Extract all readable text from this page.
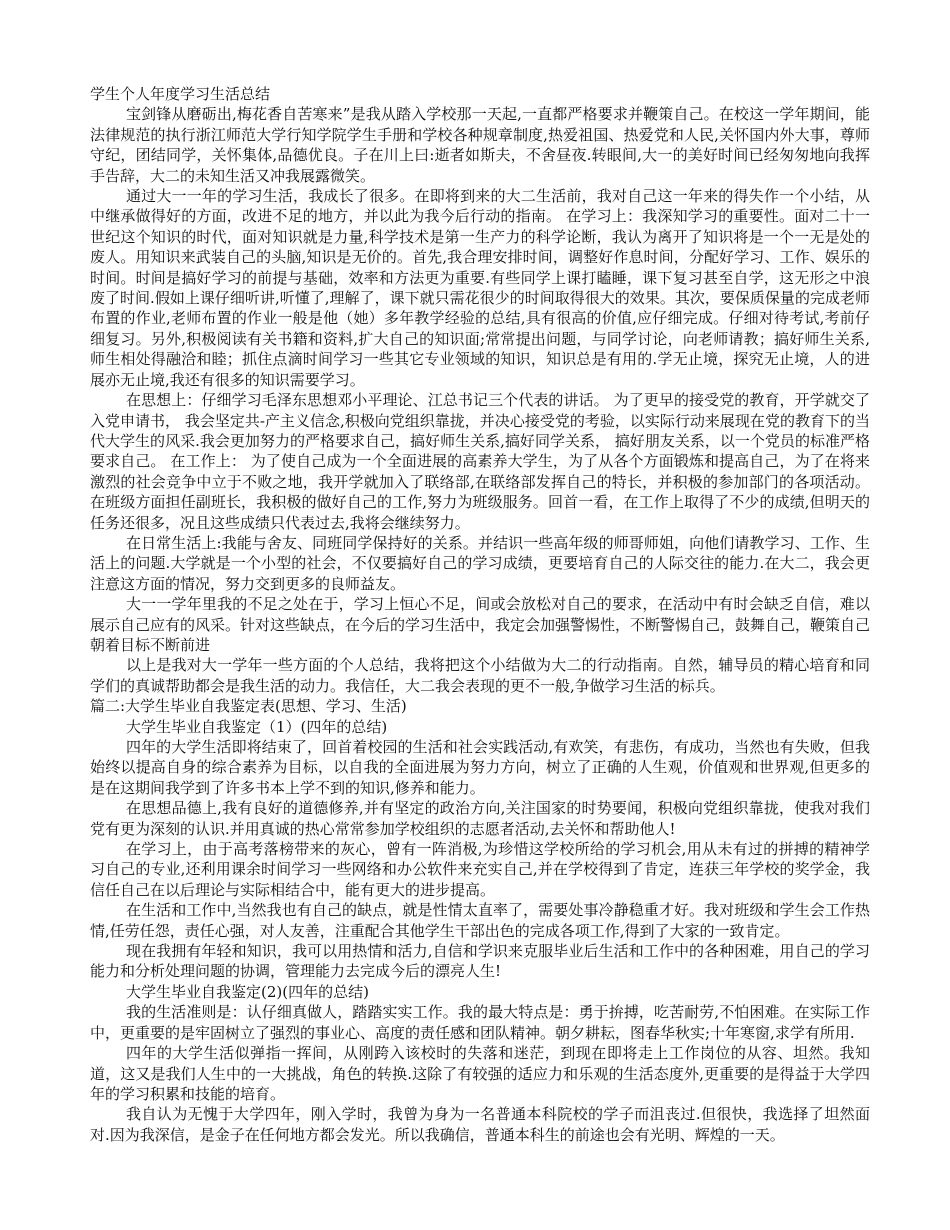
学生个人年度学习生活总结

宝剑锋从磨砺出,梅花香自苦寒来”是我从踏入学校那一天起,一直都严格要求并鞭策自己。在校这一学年期间，能法律规范的执行浙江师范大学行知学院学生手册和学校各种规章制度,热爱祖国、热爱党和人民,关怀国内外大事，尊师守纪，团结同学，关怀集体,品德优良。子在川上曰:逝者如斯夫，不舍昼夜.转眼间,大一的美好时间已经匆匆地向我挥手告辞，大二的未知生活又冲我展露微笑。

通过大一一年的学习生活，我成长了很多。在即将到来的大二生活前，我对自己这一年来的得失作一个小结，从中继承做得好的方面，改进不足的地方，并以此为我今后行动的指南。 在学习上：我深知学习的重要性。面对二十一世纪这个知识的时代，面对知识就是力量,科学技术是第一生产力的科学论断，我认为离开了知识将是一个一无是处的废人。用知识来武装自己的头脑,知识是无价的。首先,我合理安排时间，调整好作息时间，分配好学习、工作、娱乐的时间。时间是搞好学习的前提与基础，效率和方法更为重要.有些同学上课打瞌睡，课下复习甚至自学，这无形之中浪废了时间.假如上课仔细听讲,听懂了,理解了，课下就只需花很少的时间取得很大的效果。其次，要保质保量的完成老师布置的作业,老师布置的作业一般是他（她）多年教学经验的总结,具有很高的价值,应仔细完成。仔细对待考试,考前仔细复习。另外,积极阅读有关书籍和资料,扩大自己的知识面;常常提出问题，与同学讨论，向老师请教；搞好师生关系,师生相处得融洽和睦；抓住点滴时间学习一些其它专业领域的知识，知识总是有用的.学无止境，探究无止境，人的进展亦无止境,我还有很多的知识需要学习。

在思想上：仔细学习毛泽东思想邓小平理论、江总书记三个代表的讲话。 为了更早的接受党的教育，开学就交了入党申请书， 我会坚定共-产主义信念,积极向党组织靠拢，并决心接受党的考验，以实际行动来展现在党的教育下的当代大学生的风采.我会更加努力的严格要求自己，搞好师生关系,搞好同学关系， 搞好朋友关系，以一个党员的标准严格要求自己。 在工作上： 为了使自己成为一个全面进展的高素养大学生，为了从各个方面锻炼和提高自己，为了在将来激烈的社会竞争中立于不败之地，我开学就加入了联络部,在联络部发挥自己的特长，并积极的参加部门的各项活动。在班级方面担任副班长，我积极的做好自己的工作,努力为班级服务。回首一看，在工作上取得了不少的成绩,但明天的任务还很多，况且这些成绩只代表过去,我将会继续努力。

在日常生活上:我能与舍友、同班同学保持好的关系。并结识一些高年级的师哥师姐，向他们请教学习、工作、生活上的问题.大学就是一个小型的社会，不仅要搞好自己的学习成绩，更要培育自己的人际交往的能力.在大二，我会更注意这方面的情况，努力交到更多的良师益友。

大一一学年里我的不足之处在于，学习上恒心不足，间或会放松对自己的要求，在活动中有时会缺乏自信，难以展示自己应有的风采。针对这些缺点，在今后的学习生活中，我定会加强警惕性，不断警惕自己，鼓舞自己，鞭策自己朝着目标不断前进

以上是我对大一学年一些方面的个人总结，我将把这个小结做为大二的行动指南。自然，辅导员的精心培育和同学们的真诚帮助都会是我生活的动力。我信任，大二我会表现的更不一般,争做学习生活的标兵。

篇二:大学生毕业自我鉴定表(思想、学习、生活)

大学生毕业自我鉴定（1）(四年的总结)

四年的大学生活即将结束了，回首着校园的生活和社会实践活动,有欢笑，有悲伤，有成功，当然也有失败，但我始终以提高自身的综合素养为目标，以自我的全面进展为努力方向，树立了正确的人生观，价值观和世界观,但更多的是在这期间我学到了许多书本上学不到的知识,修养和能力。

在思想品德上,我有良好的道德修养,并有坚定的政治方向,关注国家的时势要闻，积极向党组织靠拢，使我对我们党有更为深刻的认识.并用真诚的热心常常参加学校组织的志愿者活动,去关怀和帮助他人!

在学习上，由于高考落榜带来的灰心，曾有一阵消极,为珍惜这学校所给的学习机会,用从未有过的拼搏的精神学习自己的专业,还利用课余时间学习一些网络和办公软件来充实自己,并在学校得到了肯定，连获三年学校的奖学金，我信任自己在以后理论与实际相结合中，能有更大的进步提高。

在生活和工作中,当然我也有自己的缺点，就是性情太直率了，需要处事冷静稳重才好。我对班级和学生会工作热情,任劳任怨，责任心强，对人友善，注重配合其他学生干部出色的完成各项工作,得到了大家的一致肯定。

现在我拥有年轻和知识，我可以用热情和活力,自信和学识来克服毕业后生活和工作中的各种困难，用自己的学习能力和分析处理问题的协调，管理能力去完成今后的漂亮人生!

大学生毕业自我鉴定(2)(四年的总结)

我的生活准则是：认仔细真做人，踏踏实实工作。我的最大特点是：勇于拚搏，吃苦耐劳,不怕困难。在实际工作中，更重要的是牢固树立了强烈的事业心、高度的责任感和团队精神。朝夕耕耘，图春华秋实;十年寒窗,求学有所用.

四年的大学生活似弹指一挥间，从刚跨入该校时的失落和迷茫，到现在即将走上工作岗位的从容、坦然。我知道，这又是我们人生中的一大挑战，角色的转换.这除了有较强的适应力和乐观的生活态度外,更重要的是得益于大学四年的学习积累和技能的培育。

我自认为无愧于大学四年，刚入学时，我曾为身为一名普通本科院校的学子而沮丧过.但很快，我选择了坦然面对.因为我深信，是金子在任何地方都会发光。所以我确信，普通本科生的前途也会有光明、辉煌的一天。
